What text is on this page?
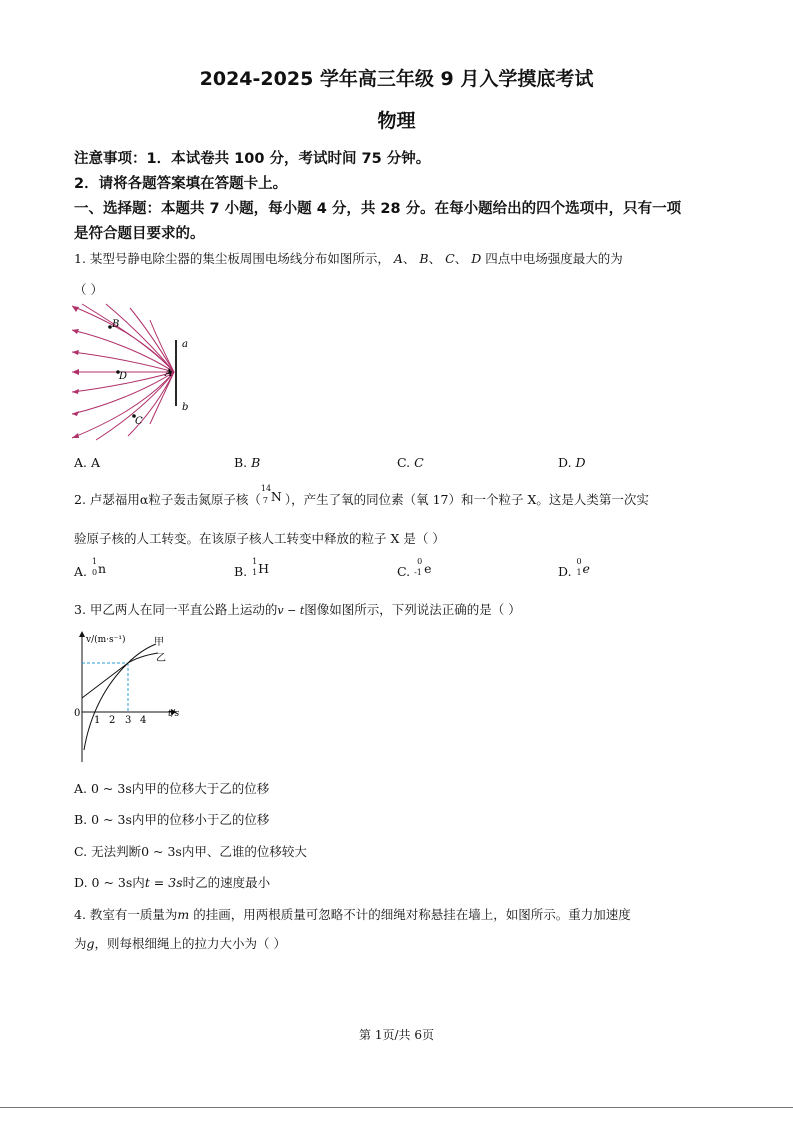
2024-2025 学年高三年级 9 月入学摸底考试
物理
注意事项：1．本试卷共 100 分，考试时间 75 分钟。
2．请将各题答案填在答题卡上。
一、选择题：本题共 7 小题，每小题 4 分，共 28 分。在每小题给出的四个选项中，只有一项
是符合题目要求的。
1. 某型号静电除尘器的集尘板周围电场线分布如图所示， A、 B、 C、 D 四点中电场强度最大的为
（ ）
a
b
A
B
C
D
A. A	B. B	C. C	D. D
2. 卢瑟福用α粒子轰击氮原子核（
14
7 N ），产生了氧的同位素（氧 17）和一个粒子 X。这是人类第一次实
验原子核的人工转变。在该原子核人工转变中释放的粒子 X 是（ ）
A.
1
0 n	B.
1
1 H	C.
0
-1 e	D.
0
1 e
3. 甲乙两人在同一平直公路上运动的v − t图像如图所示，下列说法正确的是（ ）
v/(m·s⁻¹)
t/s
0
1 2 3 4
甲
乙
A. 0 ~ 3s内甲的位移大于乙的位移
B. 0 ~ 3s内甲的位移小于乙的位移
C. 无法判断0 ~ 3s内甲、乙谁的位移较大
D. 0 ~ 3s内t = 3s时乙的速度最小
4. 教室有一质量为m 的挂画，用两根质量可忽略不计的细绳对称悬挂在墙上，如图所示。重力加速度
为g，则每根细绳上的拉力大小为（ ）
第 1页/共 6页
